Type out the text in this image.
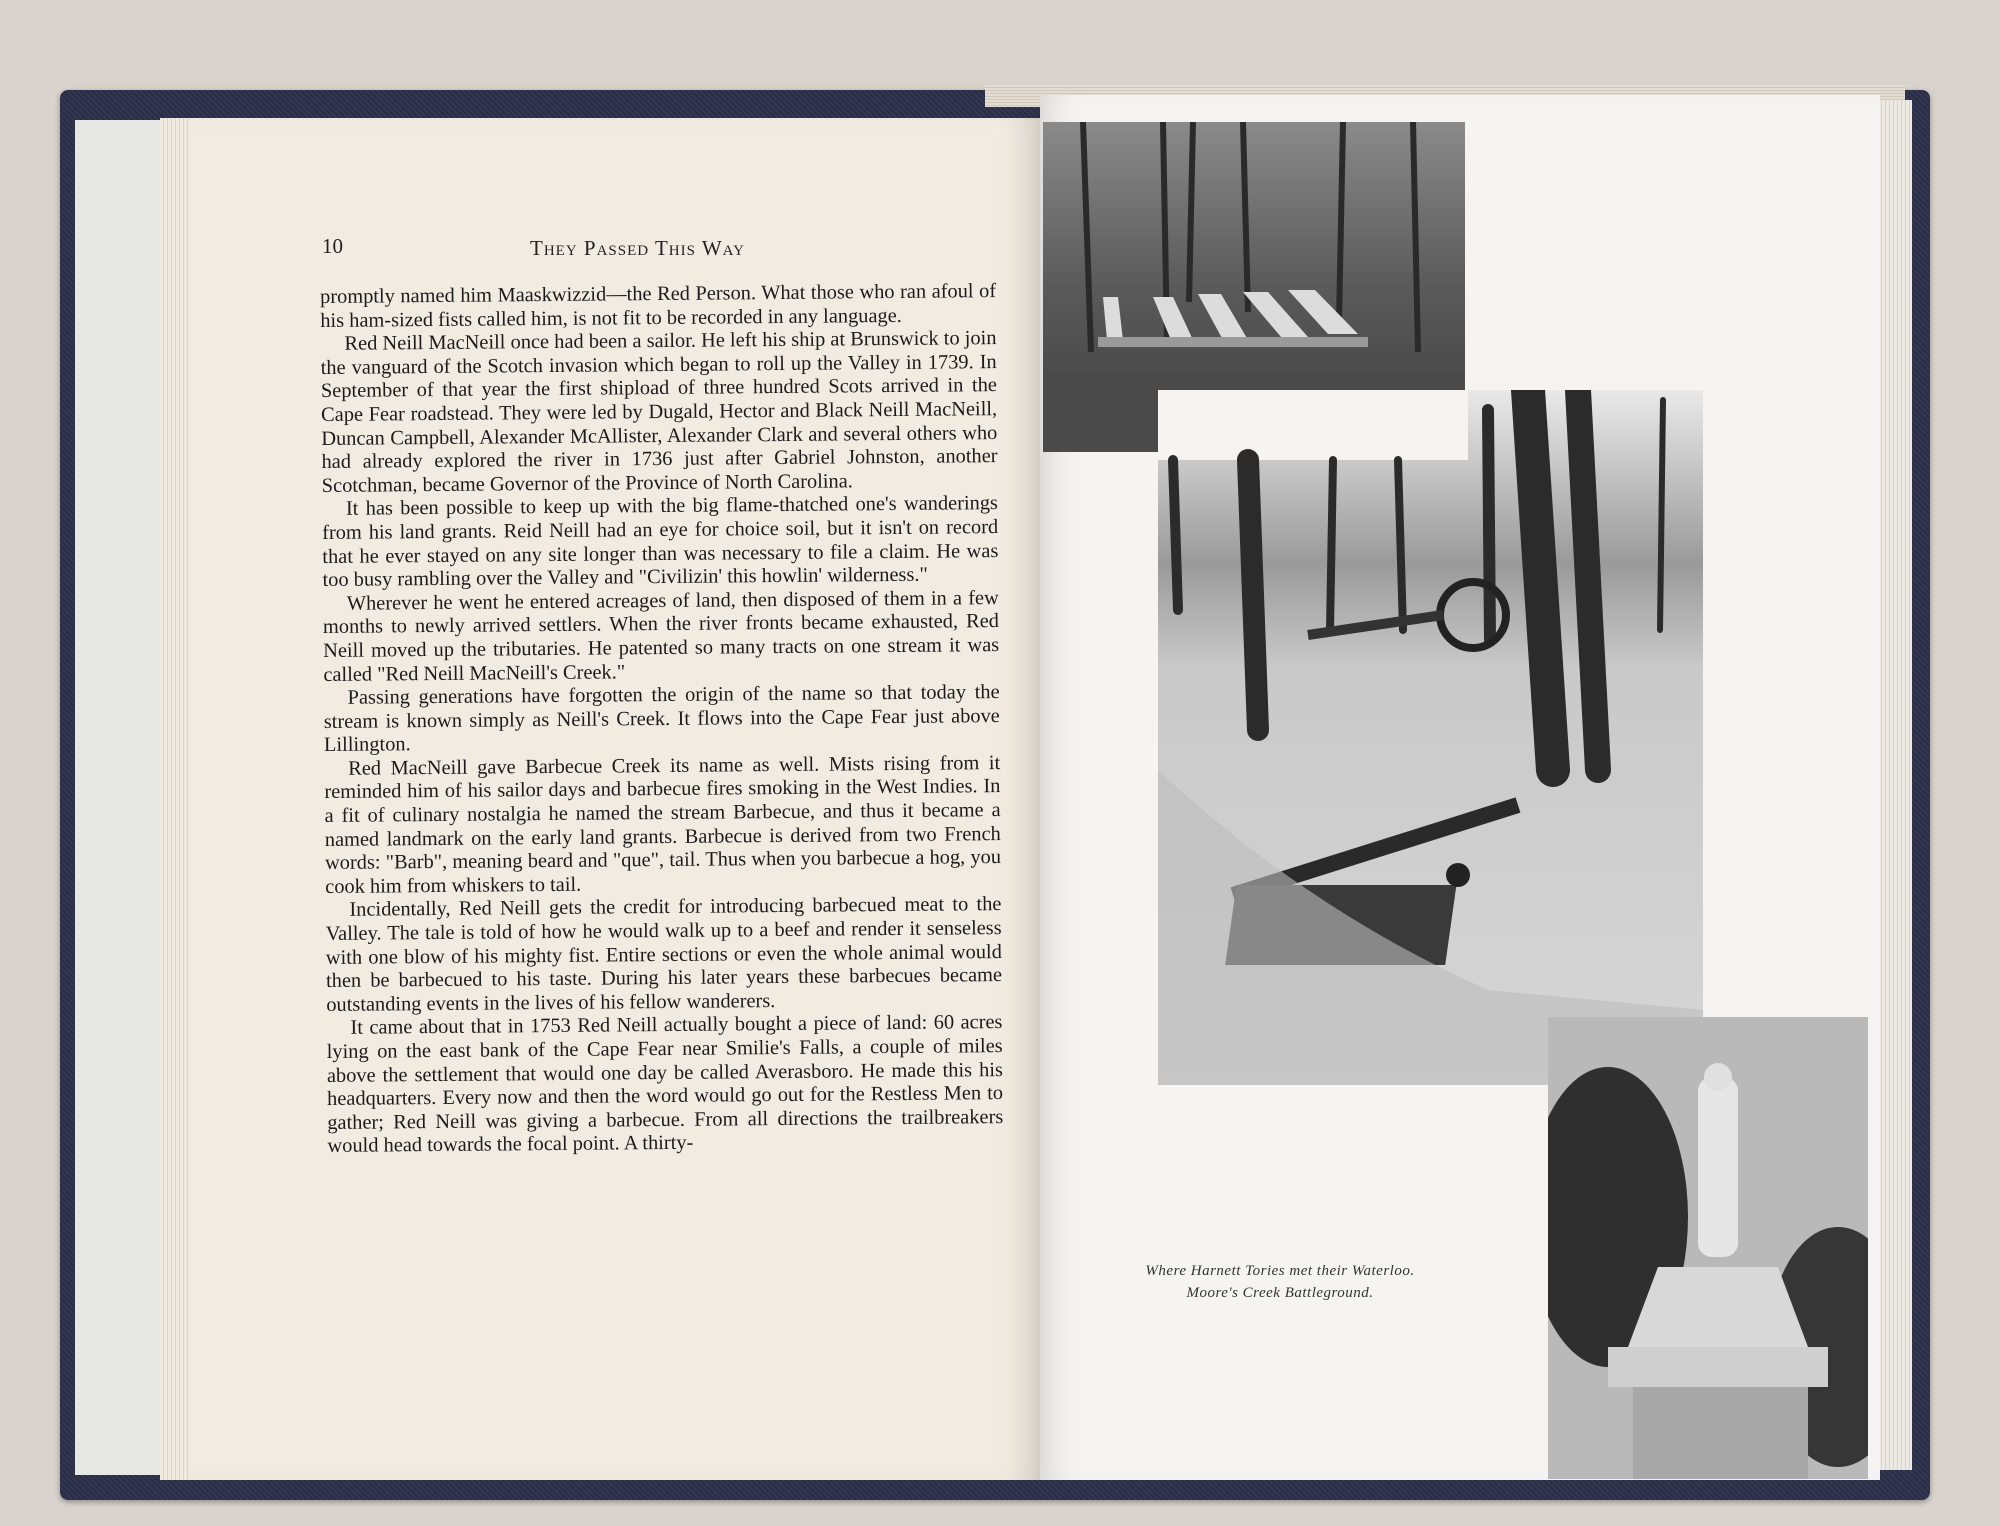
10	They Passed This Way

promptly named him Maaskwizzid—the Red Person. What those who ran afoul of his ham-sized fists called him, is not fit to be recorded in any language.

Red Neill MacNeill once had been a sailor. He left his ship at Brunswick to join the vanguard of the Scotch invasion which began to roll up the Valley in 1739. In September of that year the first shipload of three hundred Scots arrived in the Cape Fear roadstead. They were led by Dugald, Hector and Black Neill MacNeill, Duncan Campbell, Alexander McAllister, Alexander Clark and several others who had already explored the river in 1736 just after Gabriel Johnston, another Scotchman, became Governor of the Province of North Carolina.

It has been possible to keep up with the big flame-thatched one's wanderings from his land grants. Reid Neill had an eye for choice soil, but it isn't on record that he ever stayed on any site longer than was necessary to file a claim. He was too busy rambling over the Valley and "Civilizin' this howlin' wilderness."

Wherever he went he entered acreages of land, then disposed of them in a few months to newly arrived settlers. When the river fronts became exhausted, Red Neill moved up the tributaries. He patented so many tracts on one stream it was called "Red Neill MacNeill's Creek."

Passing generations have forgotten the origin of the name so that today the stream is known simply as Neill's Creek. It flows into the Cape Fear just above Lillington.

Red MacNeill gave Barbecue Creek its name as well. Mists rising from it reminded him of his sailor days and barbecue fires smoking in the West Indies. In a fit of culinary nostalgia he named the stream Barbecue, and thus it became a named landmark on the early land grants. Barbecue is derived from two French words: "Barb", meaning beard and "que", tail. Thus when you barbecue a hog, you cook him from whiskers to tail.

Incidentally, Red Neill gets the credit for introducing barbecued meat to the Valley. The tale is told of how he would walk up to a beef and render it senseless with one blow of his mighty fist. Entire sections or even the whole animal would then be barbecued to his taste. During his later years these barbecues became outstanding events in the lives of his fellow wanderers.

It came about that in 1753 Red Neill actually bought a piece of land: 60 acres lying on the east bank of the Cape Fear near Smilie's Falls, a couple of miles above the settlement that would one day be called Averasboro. He made this his headquarters. Every now and then the word would go out for the Restless Men to gather; Red Neill was giving a barbecue. From all directions the trailbreakers would head towards the focal point. A thirty-

Where Harnett Tories met their Waterloo.
Moore's Creek Battleground.
